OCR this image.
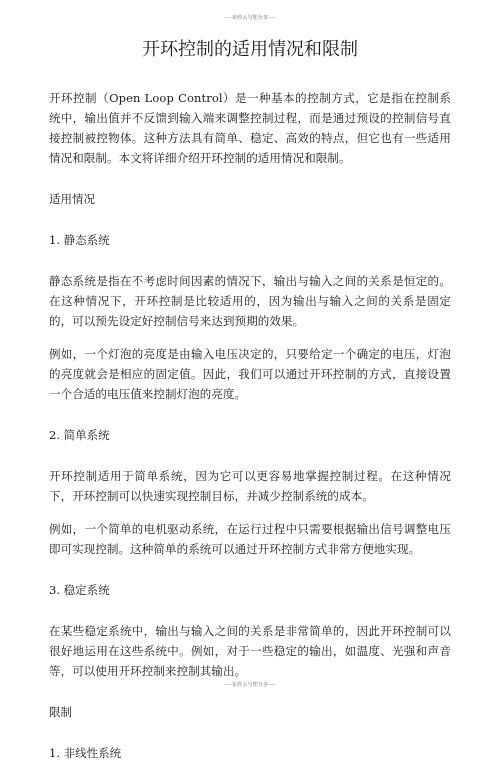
----宋停云与您分享----
开环控制的适用情况和限制

开环控制（Open Loop Control）是一种基本的控制方式，它是指在控制系统中，输出值并不反馈到输入端来调整控制过程，而是通过预设的控制信号直接控制被控物体。这种方法具有简单、稳定、高效的特点，但它也有一些适用情况和限制。本文将详细介绍开环控制的适用情况和限制。

适用情况

1. 静态系统

静态系统是指在不考虑时间因素的情况下，输出与输入之间的关系是恒定的。在这种情况下，开环控制是比较适用的，因为输出与输入之间的关系是固定的，可以预先设定好控制信号来达到预期的效果。

例如，一个灯泡的亮度是由输入电压决定的，只要给定一个确定的电压，灯泡的亮度就会是相应的固定值。因此，我们可以通过开环控制的方式，直接设置一个合适的电压值来控制灯泡的亮度。

2. 简单系统

开环控制适用于简单系统，因为它可以更容易地掌握控制过程。在这种情况下，开环控制可以快速实现控制目标，并减少控制系统的成本。

例如，一个简单的电机驱动系统，在运行过程中只需要根据输出信号调整电压即可实现控制。这种简单的系统可以通过开环控制方式非常方便地实现。

3. 稳定系统

在某些稳定系统中，输出与输入之间的关系是非常简单的，因此开环控制可以很好地运用在这些系统中。例如，对于一些稳定的输出，如温度、光强和声音等，可以使用开环控制来控制其输出。

限制

1. 非线性系统

----宋停云与您分享----
